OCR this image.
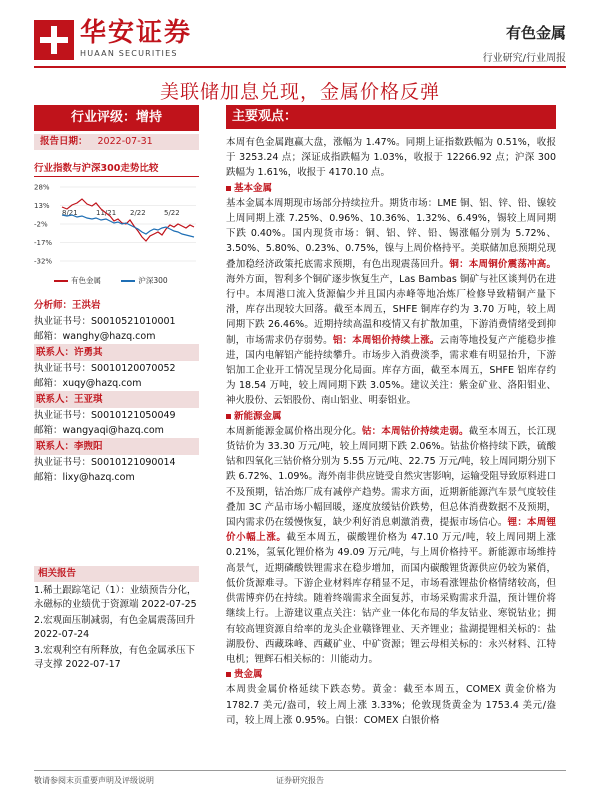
华安证券
HUAAN SECURITIES
有色金属
行业研究/行业周报
美联储加息兑现，金属价格反弹
行业评级：增持
报告日期： 2022-07-31
行业指数与沪深300走势比较
28%
13%
-2%
-17%
-32%
8/21	11/21 2/22	5/22
有色金属	沪深300
分析师：王洪岩
执业证书号：S0010521010001
邮箱：wanghy@hazq.com
联系人：许勇其
执业证书号：S0010120070052
邮箱：xuqy@hazq.com
联系人：王亚琪
执业证书号：S0010121050049
邮箱：wangyaqi@hazq.com
联系人：李煦阳
执业证书号：S0010121090014
邮箱：lixy@hazq.com
相关报告
1.稀土跟踪笔记（1）：业绩预告分化，永磁标的业绩优于资源端 2022-07-25
2.宏观面压制减弱，有色金属震荡回升 2022-07-24
3.宏观利空有所释放，有色金属承压下寻支撑 2022-07-17
主要观点：

本周有色金属跑赢大盘，涨幅为 1.47%。同期上证指数跌幅为 0.51%，收报于 3253.24 点；深证成指跌幅为 1.03%，收报于 12266.92 点；沪深 300 跌幅为 1.61%，收报于 4170.10 点。

基本金属

基本金属本周期现市场部分持续拉升。期货市场：LME 铜、铝、锌、铅、镍较上周同期上涨 7.25%、0.96%、10.36%、1.32%、6.49%，锡较上周同期下跌 0.40%。国内现货市场：铜、铝、锌、铅、锡涨幅分别为 5.72%、3.50%、5.80%、0.23%、0.75%，镍与上周价格持平。美联储加息预期兑现叠加稳经济政策托底需求预期，有色出现震荡回升。铜：本周铜价震荡冲高。海外方面，智利多个铜矿逐步恢复生产，Las Bambas 铜矿与社区谈判仍在进行中。本周港口流入货源偏少并且国内赤峰等地冶炼厂检修导致精铜产量下滑，库存出现较大回落。截至本周五，SHFE 铜库存约为 3.70 万吨，较上周同期下跌 26.46%。近期持续高温和疫情又有扩散加重，下游消费情绪受到抑制，市场需求仍存弱势。铝：本周铝价持续上涨。云南等地投复产产能稳步推进，国内电解铝产能持续攀升。市场步入消费淡季，需求难有明显抬升，下游铝加工企业开工情况呈现分化局面。库存方面，截至本周五，SHFE 铝库存约为 18.54 万吨，较上周同期下跌 3.05%。建议关注：紫金矿业、洛阳钼业、神火股份、云铝股份、南山铝业、明泰铝业。

新能源金属

本周新能源金属价格出现分化。钴：本周钴价持续走弱。截至本周五，长江现货钴价为 33.30 万元/吨，较上周同期下跌 2.06%。钴盐价格持续下跌，硫酸钴和四氧化三钴价格分别为 5.55 万元/吨、22.75 万元/吨，较上周同期分别下跌 6.72%、1.09%。海外南非供应链受自然灾害影响，运输受阻导致原料进口不及预期，钴冶炼厂成有减停产趋势。需求方面，近期新能源汽车景气度较佳叠加 3C 产品市场小幅回暖，逐度放缓钴价跌势，但总体消费数据不及预期，国内需求仍在缓慢恢复，缺少利好消息刺激消费，提振市场信心。锂：本周锂价小幅上涨。截至本周五，碳酸锂价格为 47.10 万元/吨，较上周同期上涨 0.21%，氢氧化锂价格为 49.09 万元/吨，与上周价格持平。新能源市场维持高景气，近期磷酸铁锂需求在稳步增加，而国内碳酸锂货源供应仍较为紧俏，低价货源难寻。下游企业材料库存稍显不足，市场看涨锂盐价格情绪较高，但供需博弈仍在持续。随着终端需求全面复苏，市场采购需求升温，预计锂价将继续上行。上游建议重点关注：钴产业一体化布局的华友钴业、寒锐钴业；拥有较高锂资源自给率的龙头企业赣锋锂业、天齐锂业；盐湖提锂相关标的：盐湖股份、西藏珠峰、西藏矿业、中矿资源；锂云母相关标的：永兴材料、江特电机；锂辉石相关标的：川能动力。

贵金属

本周贵金属价格延续下跌态势。黄金：截至本周五，COMEX 黄金价格为 1782.7 美元/盎司，较上周上涨 3.33%；伦敦现货黄金为 1753.4 美元/盎司，较上周上涨 0.95%。白银：COMEX 白银价格

敬请参阅末页重要声明及评级说明	证券研究报告
